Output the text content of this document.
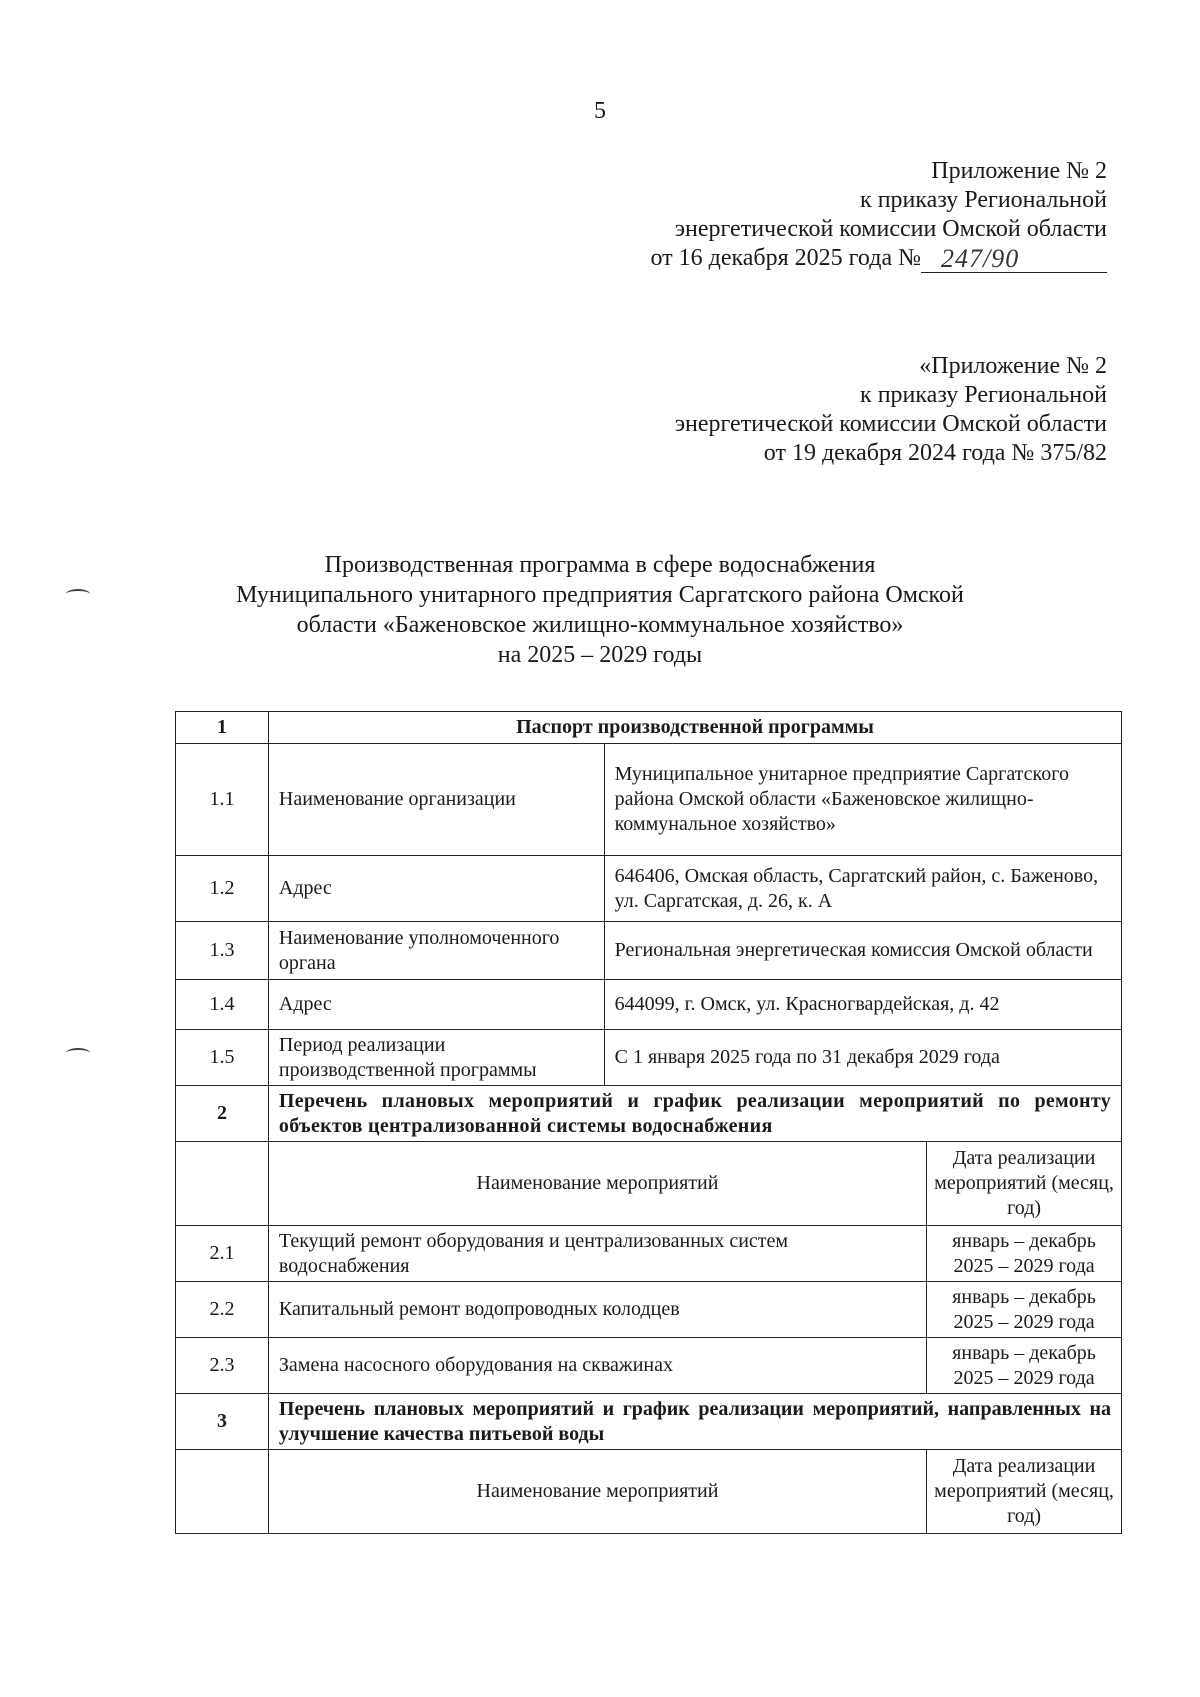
5
Приложение № 2
к приказу Региональной
энергетической комиссии Омской области
от 16 декабря 2025 года № 247/90
«Приложение № 2
к приказу Региональной
энергетической комиссии Омской области
от 19 декабря 2024 года № 375/82
Производственная программа в сфере водоснабжения
Муниципального унитарного предприятия Саргатского района Омской
области «Баженовское жилищно-коммунальное хозяйство»
на 2025 – 2029 годы
1	Паспорт производственной программы		
1.1	Наименование организации	Муниципальное унитарное предприятие Саргатского района Омской области «Баженовское жилищно-коммунальное хозяйство»	
1.2	Адрес	646406, Омская область, Саргатский район, с. Баженово, ул. Саргатская, д. 26, к. А	
1.3	Наименование уполномоченного органа	Региональная энергетическая комиссия Омской области	
1.4	Адрес	644099, г. Омск, ул. Красногвардейская, д. 42	
1.5	Период реализации производственной программы	С 1 января 2025 года по 31 декабря 2029 года	
2	Перечень плановых мероприятий и график реализации мероприятий по ремонту объектов централизованной системы водоснабжения		
	Наименование мероприятий		Дата реализации мероприятий (месяц, год)
2.1	Текущий ремонт оборудования и централизованных систем водоснабжения		январь – декабрь 2025 – 2029 года
2.2	Капитальный ремонт водопроводных колодцев		январь – декабрь 2025 – 2029 года
2.3	Замена насосного оборудования на скважинах		январь – декабрь 2025 – 2029 года
3	Перечень плановых мероприятий и график реализации мероприятий, направленных на улучшение качества питьевой воды		
	Наименование мероприятий		Дата реализации мероприятий (месяц, год)
